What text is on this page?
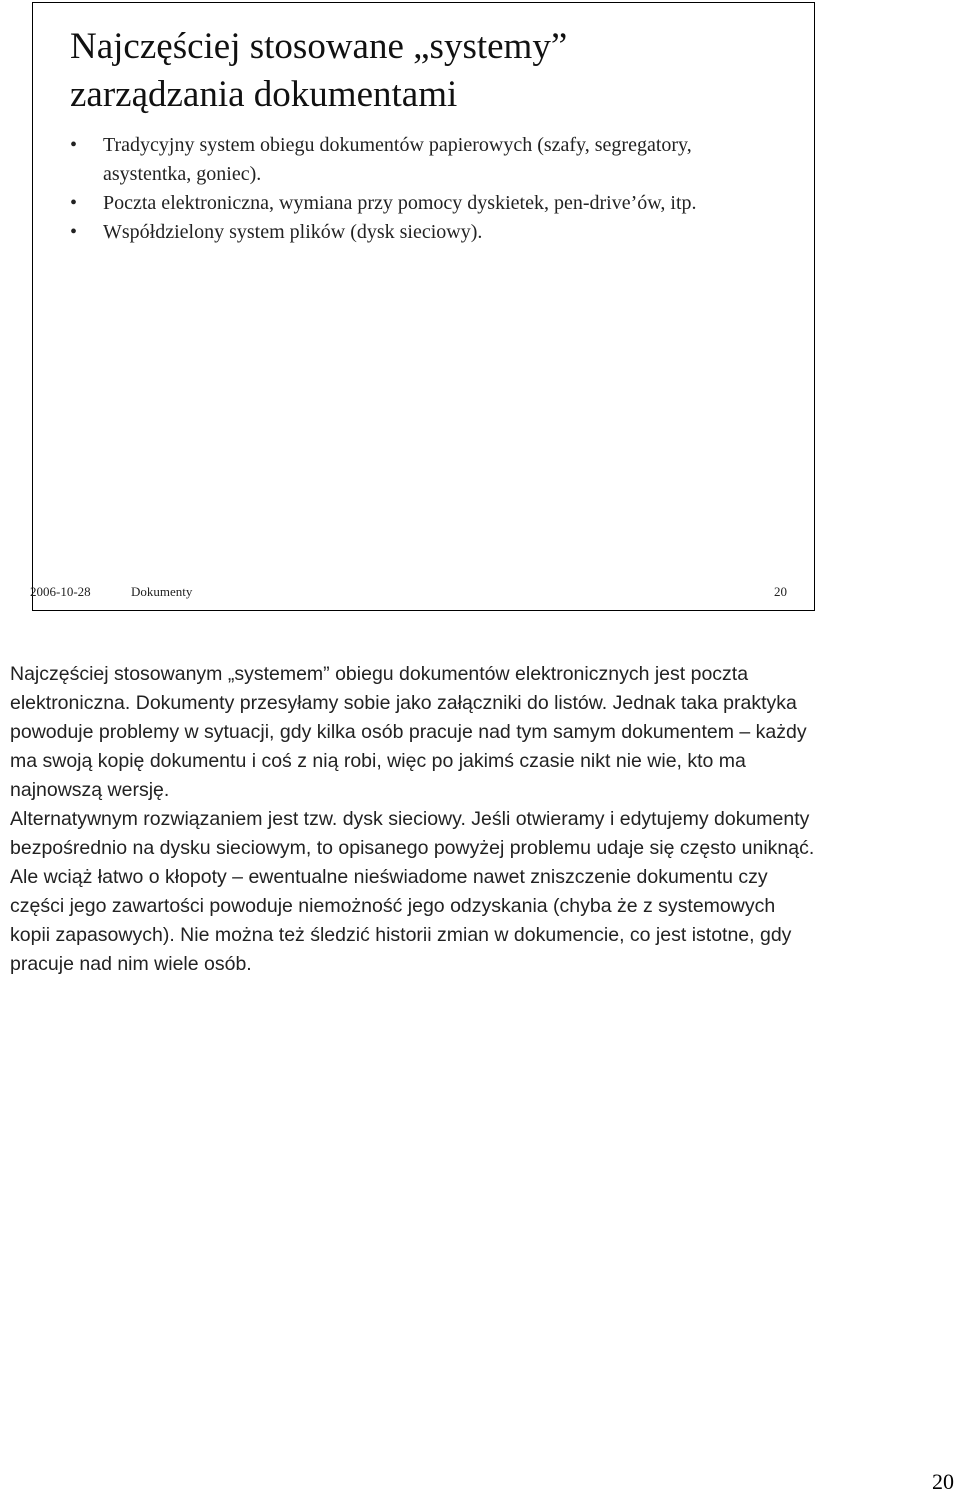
Najczęściej stosowane „systemy”
zarządzania dokumentami
• Tradycyjny system obiegu dokumentów papierowych (szafy, segregatory, asystentka, goniec).
• Poczta elektroniczna, wymiana przy pomocy dyskietek, pen-drive’ów, itp.
• Współdzielony system plików (dysk sieciowy).
2006-10-28	Dokumenty	20

Najczęściej stosowanym „systemem” obiegu dokumentów elektronicznych jest poczta elektroniczna. Dokumenty przesyłamy sobie jako załączniki do listów. Jednak taka praktyka powoduje problemy w sytuacji, gdy kilka osób pracuje nad tym samym dokumentem – każdy ma swoją kopię dokumentu i coś z nią robi, więc po jakimś czasie nikt nie wie, kto ma najnowszą wersję.

Alternatywnym rozwiązaniem jest tzw. dysk sieciowy. Jeśli otwieramy i edytujemy dokumenty bezpośrednio na dysku sieciowym, to opisanego powyżej problemu udaje się często uniknąć. Ale wciąż łatwo o kłopoty – ewentualne nieświadome nawet zniszczenie dokumentu czy części jego zawartości powoduje niemożność jego odzyskania (chyba że z systemowych kopii zapasowych). Nie można też śledzić historii zmian w dokumencie, co jest istotne, gdy pracuje nad nim wiele osób.

20
